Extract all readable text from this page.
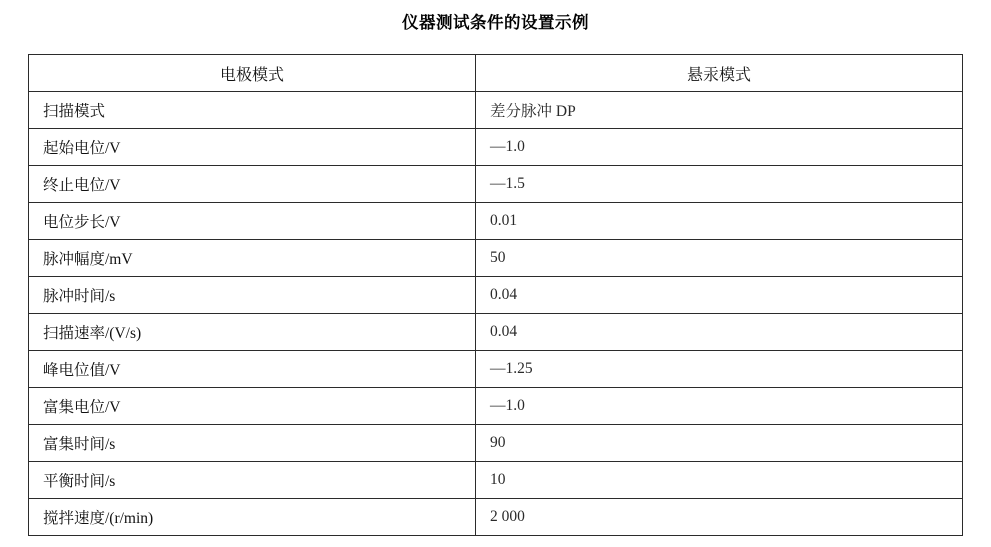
仪器测试条件的设置示例
电极模式	悬汞模式
扫描模式	差分脉冲 DP
起始电位/V	—1.0
终止电位/V	—1.5
电位步长/V	0.01
脉冲幅度/mV	50
脉冲时间/s	0.04
扫描速率/(V/s)	0.04
峰电位值/V	—1.25
富集电位/V	—1.0
富集时间/s	90
平衡时间/s	10
搅拌速度/(r/min)	2 000
